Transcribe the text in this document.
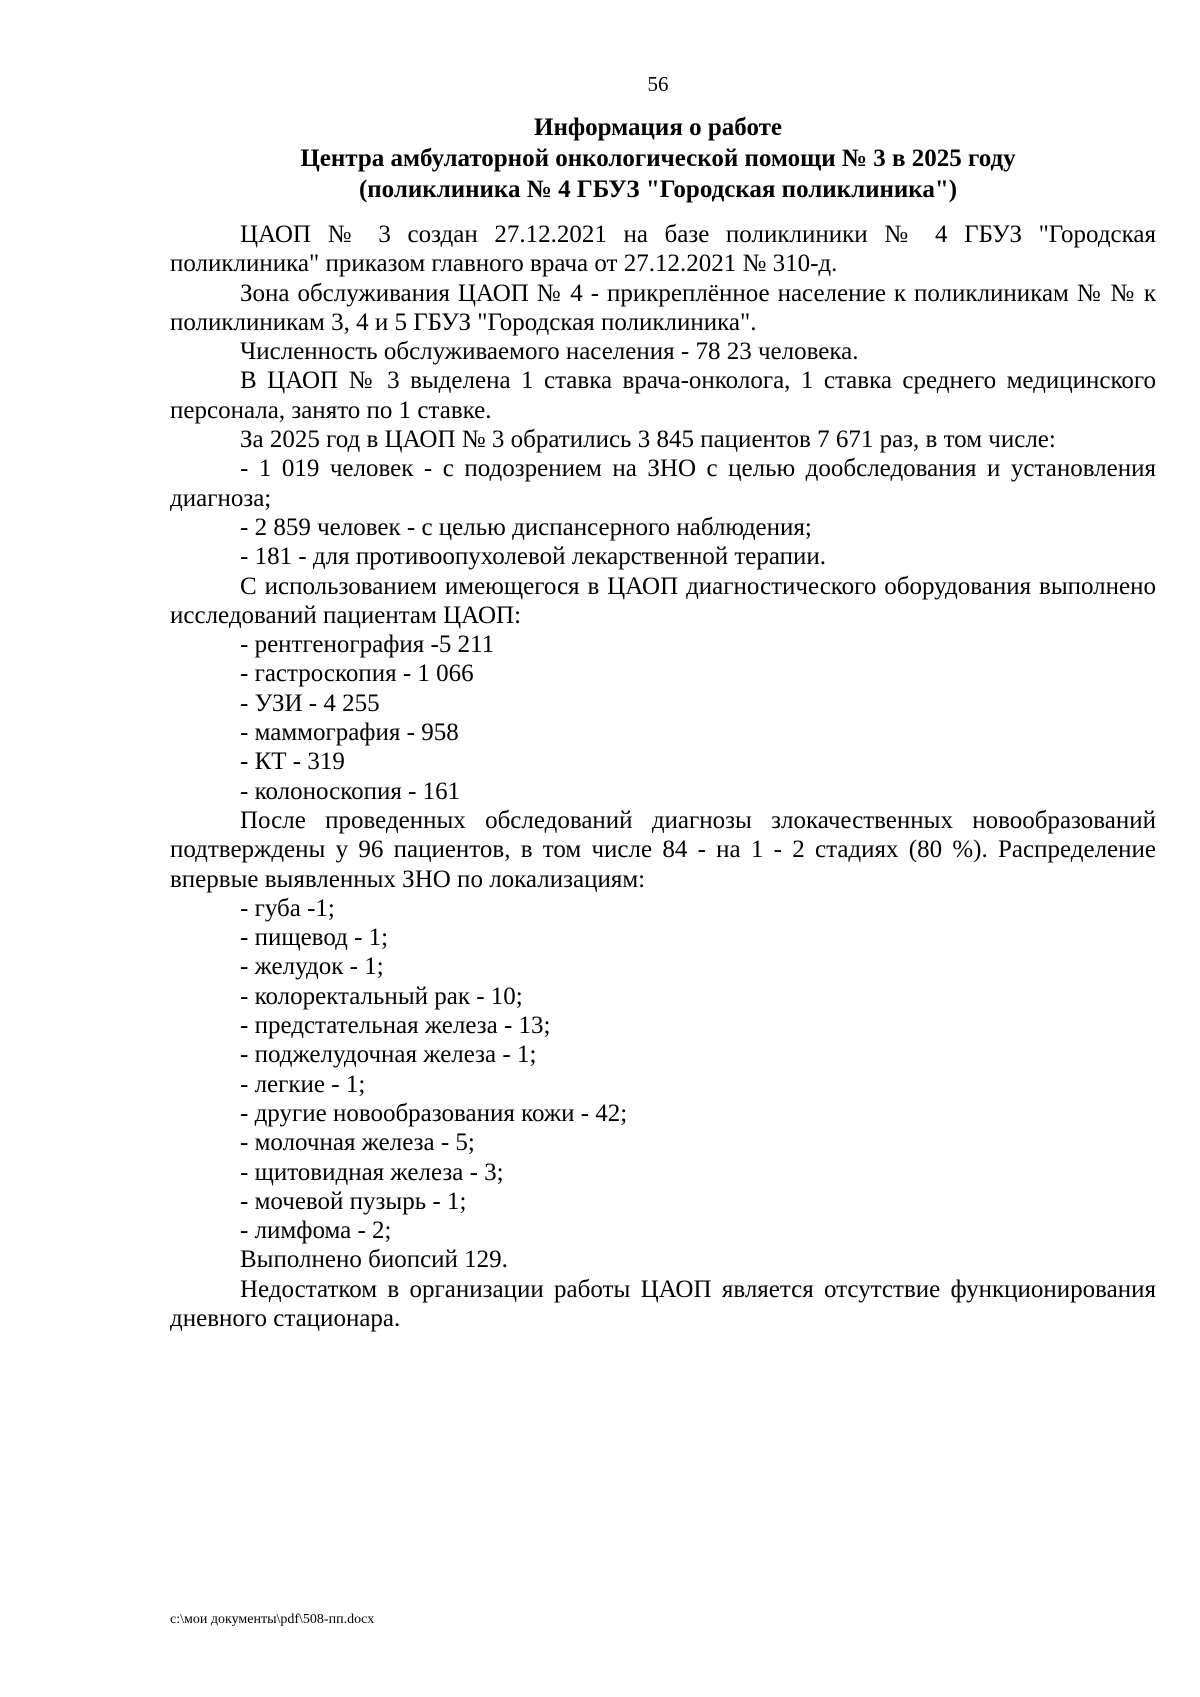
56
Информация о работе
Центра амбулаторной онкологической помощи № 3 в 2025 году
(поликлиника № 4 ГБУЗ "Городская поликлиника")

ЦАОП № 3 создан 27.12.2021 на базе поликлиники № 4 ГБУЗ "Городская поликлиника" приказом главного врача от 27.12.2021 № 310-д.

Зона обслуживания ЦАОП № 4 - прикреплённое население к поликлиникам № № к поликлиникам 3, 4 и 5 ГБУЗ "Городская поликлиника".

Численность обслуживаемого населения - 78 23 человека.

В ЦАОП № 3 выделена 1 ставка врача-онколога, 1 ставка среднего медицинского персонала, занято по 1 ставке.

За 2025 год в ЦАОП № 3 обратились 3 845 пациентов 7 671 раз, в том числе:

- 1 019 человек - с подозрением на ЗНО с целью дообследования и установления диагноза;

- 2 859 человек - с целью диспансерного наблюдения;

- 181 - для противоопухолевой лекарственной терапии.

С использованием имеющегося в ЦАОП диагностического оборудования выполнено исследований пациентам ЦАОП:

- рентгенография -5 211
- гастроскопия - 1 066
- УЗИ - 4 255
- маммография - 958
- КТ - 319
- колоноскопия - 161

После проведенных обследований диагнозы злокачественных новообразований подтверждены у 96 пациентов, в том числе 84 - на 1 - 2 стадиях (80 %). Распределение впервые выявленных ЗНО по локализациям:

- губа -1;
- пищевод - 1;
- желудок - 1;
- колоректальный рак - 10;
- предстательная железа - 13;
- поджелудочная железа - 1;
- легкие - 1;
- другие новообразования кожи - 42;
- молочная железа - 5;
- щитовидная железа - 3;
- мочевой пузырь - 1;
- лимфома - 2;

Выполнено биопсий 129.

Недостатком в организации работы ЦАОП является отсутствие функционирования дневного стационара.

c:\мои документы\pdf\508-пп.docx
